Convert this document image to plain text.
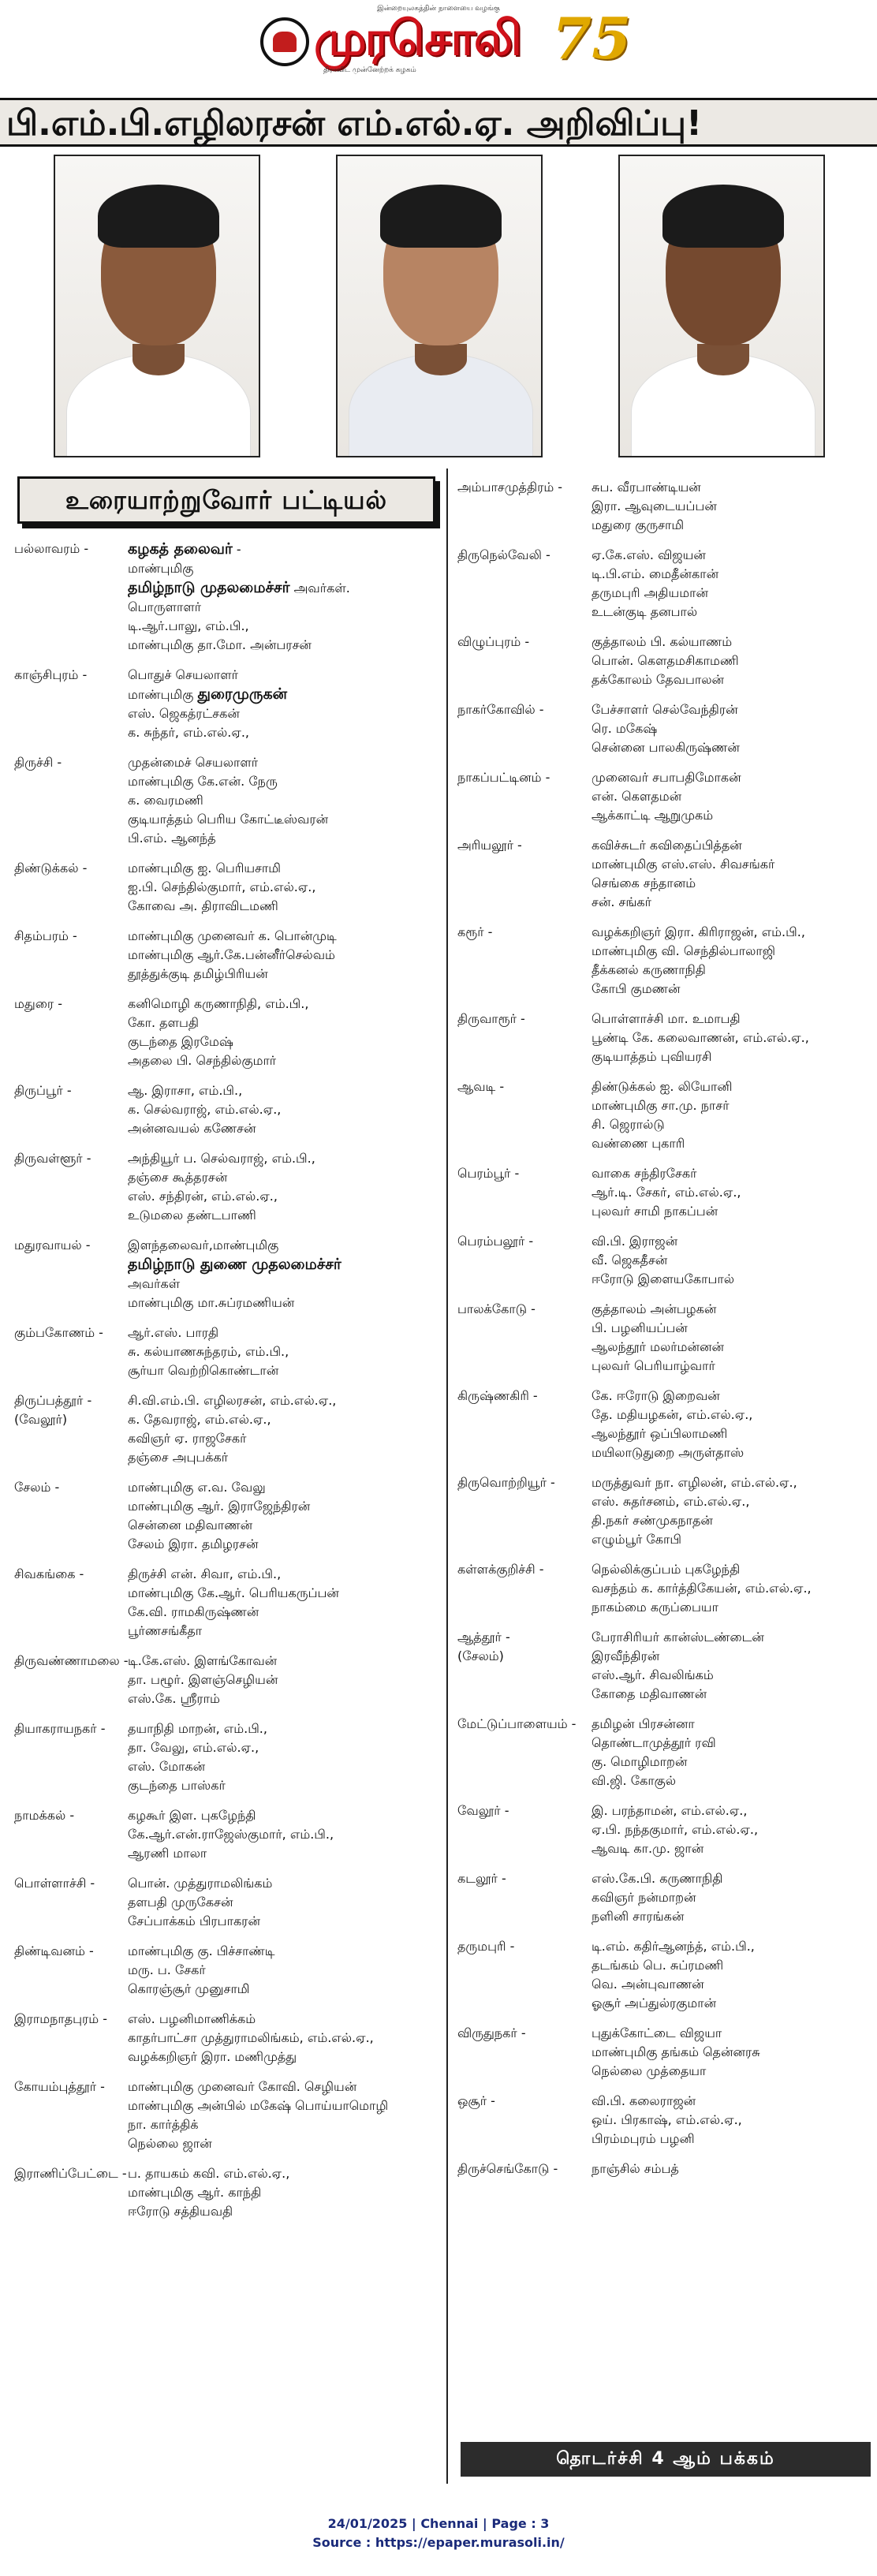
இன்றையுலகத்தின் நாளையை வழங்கு
முரசொலி
திராவிட முன்னேற்றக் கழகம் 75
பி.எம்.பி.எழிலரசன் எம்.எல்.ஏ. அறிவிப்பு!
உரையாற்றுவோர் பட்டியல்
பல்லாவரம் -	கழகத் தலைவர் -
மாண்புமிகு
தமிழ்நாடு முதலமைச்சர் அவர்கள்.
பொருளாளர்
டி.ஆர்.பாலு, எம்.பி.,
மாண்புமிகு தா.மோ. அன்பரசன்
காஞ்சிபுரம் -	பொதுச் செயலாளர்
மாண்புமிகு துரைமுருகன்
எஸ். ஜெகத்ரட்சகன்
க. சுந்தர், எம்.எல்.ஏ.,
திருச்சி -	முதன்மைச் செயலாளர்
மாண்புமிகு கே.என். நேரு
க. வைரமணி
குடியாத்தம் பெரிய கோட்டீஸ்வரன்
பி.எம். ஆனந்த்
திண்டுக்கல் -	மாண்புமிகு ஐ. பெரியசாமி
ஐ.பி. செந்தில்குமார், எம்.எல்.ஏ.,
கோவை அ. திராவிடமணி
சிதம்பரம் -	மாண்புமிகு முனைவர் க. பொன்முடி
மாண்புமிகு ஆர்.கே.பன்னீர்செல்வம்
தூத்துக்குடி தமிழ்பிரியன்
மதுரை -	கனிமொழி கருணாநிதி, எம்.பி.,
கோ. தளபதி
குடந்தை இரமேஷ்
அதலை பி. செந்தில்குமார்
திருப்பூர் -	ஆ. இராசா, எம்.பி.,
க. செல்வராஜ், எம்.எல்.ஏ.,
அன்னவயல் கணேசன்
திருவள்ளூர் -	அந்தியூர் ப. செல்வராஜ், எம்.பி.,
தஞ்சை கூத்தரசன்
எஸ். சந்திரன், எம்.எல்.ஏ.,
உடுமலை தண்டபாணி
மதுரவாயல் -	இளந்தலைவர்,மாண்புமிகு
தமிழ்நாடு துணை முதலமைச்சர்
அவர்கள்
மாண்புமிகு மா.சுப்ரமணியன்
கும்பகோணம் -	ஆர்.எஸ். பாரதி
சு. கல்யாணசுந்தரம், எம்.பி.,
சூர்யா வெற்றிகொண்டான்
திருப்பத்தூர் -
(வேலூர்)
சி.வி.எம்.பி. எழிலரசன், எம்.எல்.ஏ.,
க. தேவராஜ், எம்.எல்.ஏ.,
கவிஞர் ஏ. ராஜசேகர்
தஞ்சை அபுபக்கர்
சேலம் -	மாண்புமிகு எ.வ. வேலு
மாண்புமிகு ஆர். இராஜேந்திரன்
சென்னை மதிவாணன்
சேலம் இரா. தமிழரசன்
சிவகங்கை -	திருச்சி என். சிவா, எம்.பி.,
மாண்புமிகு கே.ஆர். பெரியகருப்பன்
கே.வி. ராமகிருஷ்ணன்
பூர்ணசங்கீதா
திருவண்ணாமலை - டி.கே.எஸ். இளங்கோவன்
தா. பழூர். இளஞ்செழியன்
எஸ்.கே. ஸ்ரீராம்
தியாகராயநகர் -	தயாநிதி மாறன், எம்.பி.,
தா. வேலு, எம்.எல்.ஏ.,
எஸ். மோகன்
குடந்தை பாஸ்கர்
நாமக்கல் -	கழகூர் இள. புகழேந்தி
கே.ஆர்.என்.ராஜேஸ்குமார், எம்.பி.,
ஆரணி மாலா
பொள்ளாச்சி -	பொன். முத்துராமலிங்கம்
தளபதி முருகேசன்
சேப்பாக்கம் பிரபாகரன்
திண்டிவனம் -	மாண்புமிகு கு. பிச்சாண்டி
மரு. ப. சேகர்
கொரஞ்சூர் முனுசாமி
இராமநாதபுரம் -	எஸ். பழனிமாணிக்கம்
காதர்பாட்சா முத்துராமலிங்கம், எம்.எல்.ஏ.,
வழக்கறிஞர் இரா. மணிமுத்து
கோயம்புத்தூர் -	மாண்புமிகு முனைவர் கோவி. செழியன்
மாண்புமிகு அன்பில் மகேஷ் பொய்யாமொழி
நா. கார்த்திக்
நெல்லை ஜான்
இராணிப்பேட்டை - ப. தாயகம் கவி. எம்.எல்.ஏ.,
மாண்புமிகு ஆர். காந்தி
ஈரோடு சத்தியவதி
அம்பாசமுத்திரம் -	சுப. வீரபாண்டியன்
இரா. ஆவுடையப்பன்
மதுரை குருசாமி
திருநெல்வேலி -	ஏ.கே.எஸ். விஜயன்
டி.பி.எம். மைதீன்கான்
தருமபுரி அதியமான்
உடன்குடி தனபால்
விழுப்புரம் -	குத்தாலம் பி. கல்யாணம்
பொன். கௌதமசிகாமணி
தக்கோலம் தேவபாலன்
நாகர்கோவில் -	பேச்சாளர் செல்வேந்திரன்
ரெ. மகேஷ்
சென்னை பாலகிருஷ்ணன்
நாகப்பட்டினம் -	முனைவர் சபாபதிமோகன்
என். கௌதமன்
ஆக்காட்டி ஆறுமுகம்
அரியலூர் -	கவிச்சுடர் கவிதைப்பித்தன்
மாண்புமிகு எஸ்.எஸ். சிவசங்கர்
செங்கை சந்தானம்
சன். சங்கர்
கரூர் -	வழக்கறிஞர் இரா. கிரிராஜன், எம்.பி.,
மாண்புமிகு வி. செந்தில்பாலாஜி
தீக்கனல் கருணாநிதி
கோபி குமணன்
திருவாரூர் -	பொள்ளாச்சி மா. உமாபதி
பூண்டி கே. கலைவாணன், எம்.எல்.ஏ.,
குடியாத்தம் புவியரசி
ஆவடி -	திண்டுக்கல் ஐ. லியோனி
மாண்புமிகு சா.மு. நாசர்
சி. ஜெரால்டு
வண்ணை புகாரி
பெரம்பூர் -	வாகை சந்திரசேகர்
ஆர்.டி. சேகர், எம்.எல்.ஏ.,
புலவர் சாமி நாகப்பன்
பெரம்பலூர் -	வி.பி. இராஜன்
வீ. ஜெகதீசன்
ஈரோடு இளையகோபால்
பாலக்கோடு -	குத்தாலம் அன்பழகன்
பி. பழனியப்பன்
ஆலந்தூர் மலர்மன்னன்
புலவர் பெரியாழ்வார்
கிருஷ்ணகிரி -	கே. ஈரோடு இறைவன்
தே. மதியழகன், எம்.எல்.ஏ.,
ஆலந்தூர் ஒப்பிலாமணி
மயிலாடுதுறை அருள்தாஸ்
திருவொற்றியூர் -	மருத்துவர் நா. எழிலன், எம்.எல்.ஏ.,
எஸ். சுதர்சனம், எம்.எல்.ஏ.,
தி.நகர் சண்முகநாதன்
எழும்பூர் கோபி
கள்ளக்குறிச்சி -	நெல்லிக்குப்பம் புகழேந்தி
வசந்தம் க. கார்த்திகேயன், எம்.எல்.ஏ.,
நாகம்மை கருப்பையா
ஆத்தூர் -
(சேலம்)
பேராசிரியர் கான்ஸ்டண்டைன்
இரவீந்திரன்
எஸ்.ஆர். சிவலிங்கம்
கோதை மதிவாணன்
மேட்டுப்பாளையம் -	தமிழன் பிரசன்னா
தொண்டாமுத்தூர் ரவி
கு. மொழிமாறன்
வி.ஜி. கோகுல்
வேலூர் -	இ. பரந்தாமன், எம்.எல்.ஏ.,
ஏ.பி. நந்தகுமார், எம்.எல்.ஏ.,
ஆவடி கா.மு. ஜான்
கடலூர் -	எஸ்.கே.பி. கருணாநிதி
கவிஞர் நன்மாறன்
நளினி சாரங்கன்
தருமபுரி -	டி.எம். கதிர்ஆனந்த், எம்.பி.,
தடங்கம் பெ. சுப்ரமணி
வெ. அன்புவாணன்
ஓசூர் அப்துல்ரகுமான்
விருதுநகர் -	புதுக்கோட்டை விஜயா
மாண்புமிகு தங்கம் தென்னரசு
நெல்லை முத்தையா
ஒசூர் -	வி.பி. கலைராஜன்
ஒய். பிரகாஷ், எம்.எல்.ஏ.,
பிரம்மபுரம் பழனி
திருச்செங்கோடு -	நாஞ்சில் சம்பத்
தொடர்ச்சி 4 ஆம் பக்கம்
24/01/2025 | Chennai | Page : 3
Source : https://epaper.murasoli.in/
